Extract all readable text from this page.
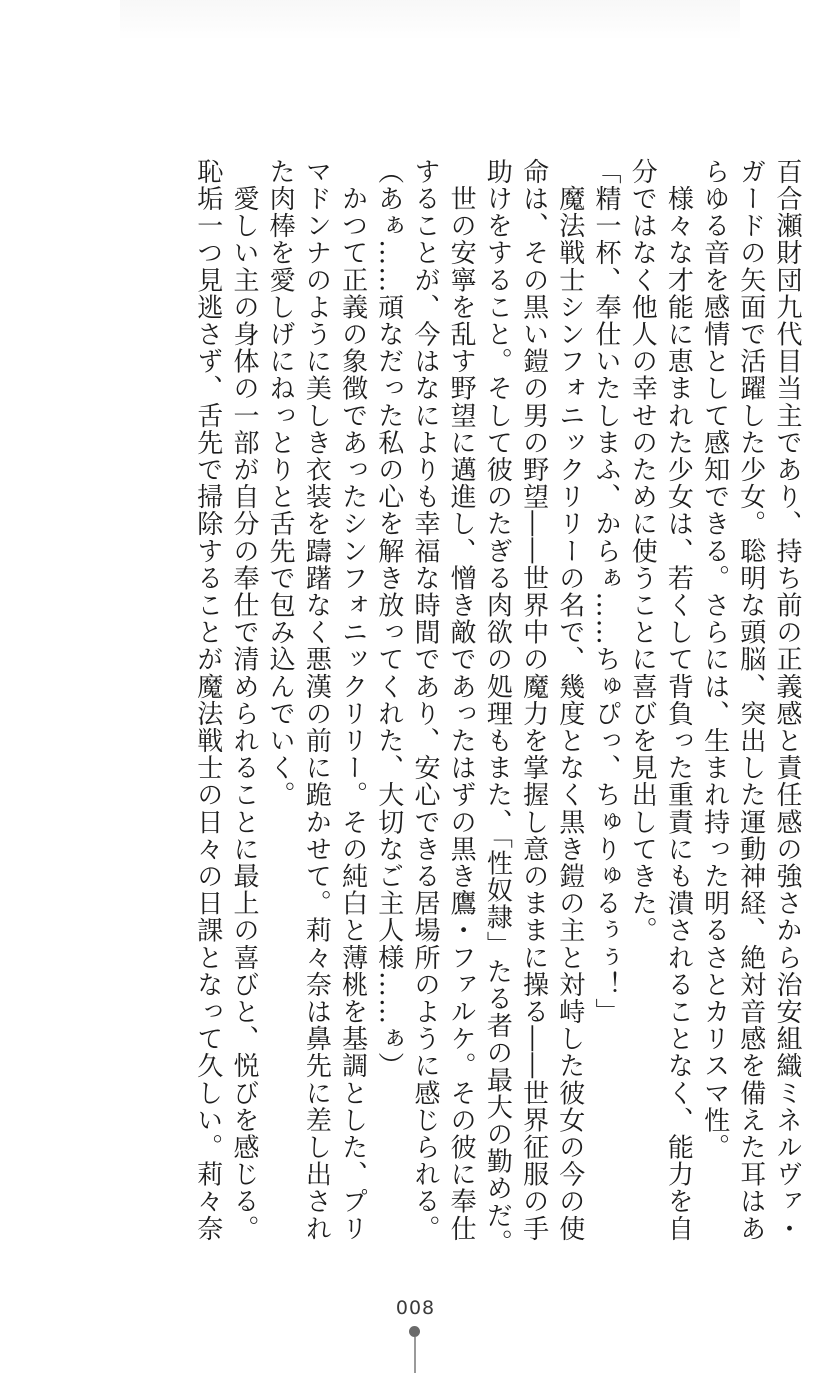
百合瀬財団九代目当主であり、持ち前の正義感と責任感の強さから治安組織ミネルヴァ・
ガードの矢面で活躍した少女。聡明な頭脳、突出した運動神経、絶対音感を備えた耳はあ
らゆる音を感情として感知できる。さらには、生まれ持った明るさとカリスマ性。
　様々な才能に恵まれた少女は、若くして背負った重責にも潰されることなく、能力を自
分ではなく他人の幸せのために使うことに喜びを見出してきた。
「精一杯、奉仕いたしまふ、からぁ……ちゅぴっ、ちゅりゅるぅぅ！」
　魔法戦士シンフォニックリリーの名で、幾度となく黒き鎧の主と対峙した彼女の今の使
命は、その黒い鎧の男の野望――世界中の魔力を掌握し意のままに操る――世界征服の手
助けをすること。そして彼のたぎる肉欲の処理もまた、「性奴隷」たる者の最大の勤めだ。
　世の安寧を乱す野望に邁進し、憎き敵であったはずの黒き鷹・ファルケ。その彼に奉仕
することが、今はなによりも幸福な時間であり、安心できる居場所のように感じられる。
（あぁ……頑なだった私の心を解き放ってくれた、大切なご主人様……ぁ）
　かつて正義の象徴であったシンフォニックリリー。その純白と薄桃を基調とした、プリ
マドンナのように美しき衣装を躊躇なく悪漢の前に跪かせて。莉々奈は鼻先に差し出され
た肉棒を愛しげにねっとりと舌先で包み込んでいく。
　愛しい主の身体の一部が自分の奉仕で清められることに最上の喜びと、悦びを感じる。
恥垢一つ見逃さず、舌先で掃除することが魔法戦士の日々の日課となって久しい。莉々奈
008
